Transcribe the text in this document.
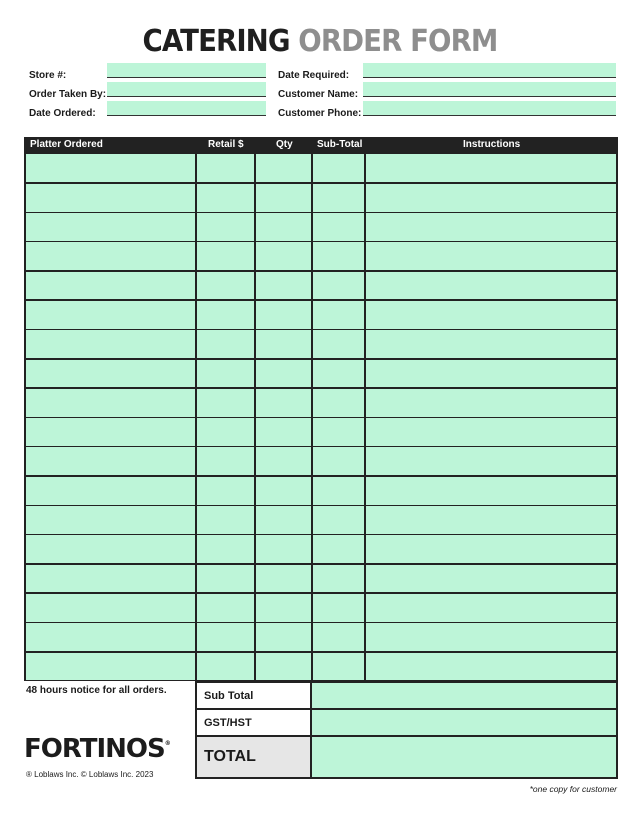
CATERING ORDER FORM
Store #:
Order Taken By:
Date Ordered:
Date Required:
Customer Name:
Customer Phone:
Platter Ordered	Retail $	Qty Sub-Total	Instructions
48 hours notice for all orders.	Sub Total
GST/HST
TOTAL
FORTINOS®
® Loblaws Inc. © Loblaws Inc. 2023
*one copy for customer
